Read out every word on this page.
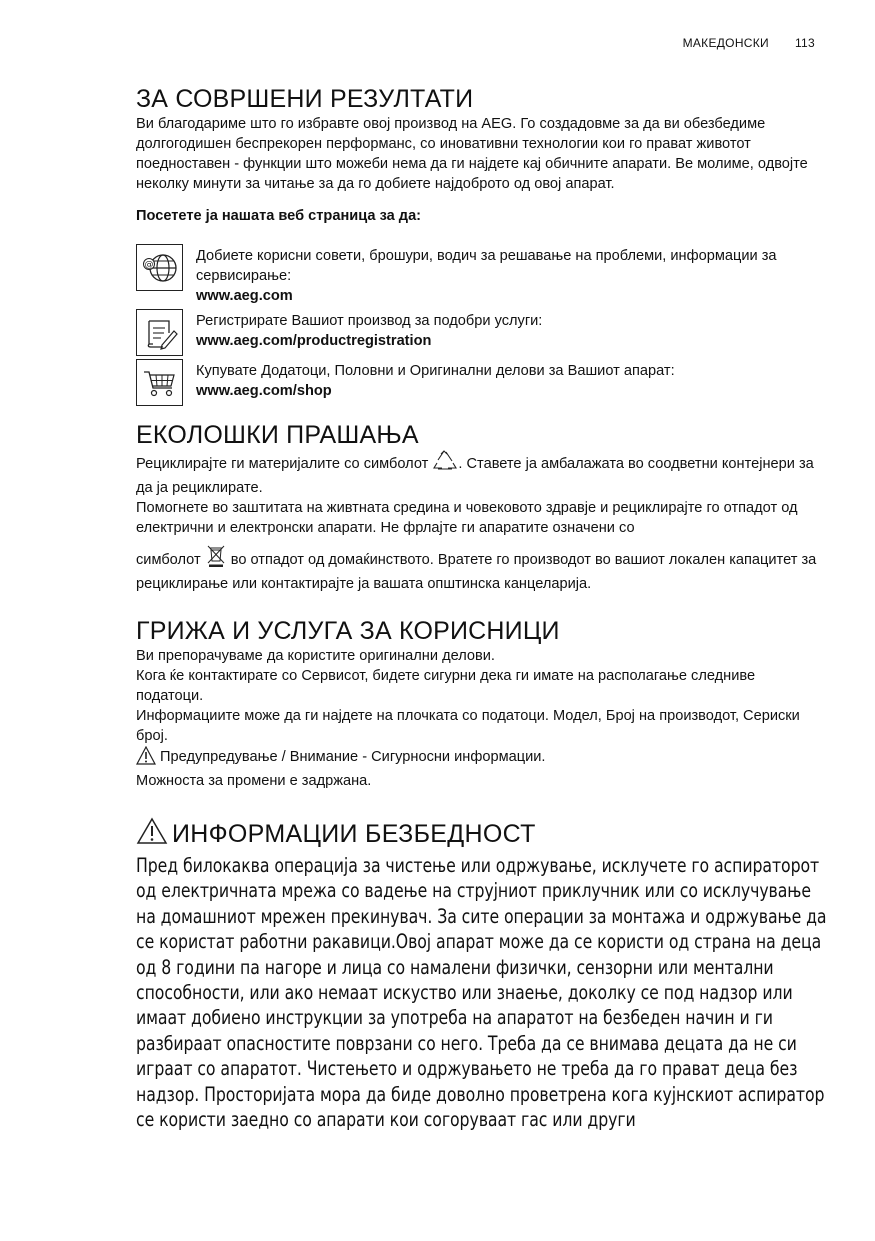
МАКЕДОНСКИ 113
ЗА СОВРШЕНИ РЕЗУЛТАТИ

Ви благодариме што го избравте овој производ на AEG. Го создадовме за да ви обезбедиме долгогодишен беспрекорен перформанс, со иновативни технологии кои го прават животот поедноставен - функции што можеби нема да ги најдете кај обичните апарати. Ве молиме, одвојте неколку минути за читање за да го добиете најдоброто од овој апарат.

Посетете ја нашата веб страница за да:

@

Добиете корисни совети, брошури, водич за решавање на проблеми, информации за сервисирање:

www.aeg.com

Регистрирате Вашиот производ за подобри услуги:

www.aeg.com/productregistration

Купувате Додатоци, Половни и Оригинални делови за Вашиот апарат:

www.aeg.com/shop

ЕКОЛОШКИ ПРАШАЊА

Рециклирајте ги материјалите со симболот . Ставете ја амбалажата во соодветни контејнери за да ја рециклирате.

Помогнете во заштитата на живтната средина и човековото здравје и рециклирајте го отпадот од електрични и електронски апарати. Не фрлајте ги апаратите означени со

симболот  во отпадот од домаќинството. Вратете го производот во вашиот локален капацитет за рециклирање или контактирајте ја вашата општинска канцеларија.

ГРИЖА И УСЛУГА ЗА КОРИСНИЦИ

Ви препорачуваме да користите оригинални делови.

Кога ќе контактирате со Сервисот, бидете сигурни дека ги имате на располагање следниве податоци.

Информациите може да ги најдете на плочката со податоци. Модел, Број на производот, Сериски број.

Предупредување / Внимание - Сигурносни информации.

Можноста за промени е задржана.

ИНФОРМАЦИИ БЕЗБЕДНОСТ

Пред билокаква операција за чистење или одржување, исклучете го аспираторот од електричната мрежа со вадење на струјниот приклучник или со исклучување на домашниот мрежен прекинувач. За сите операции за монтажа и одржување да се користат работни ракавици.Овој апарат може да се користи од страна на деца од 8 години па нагоре и лица со намалени физички, сензорни или ментални способности, или ако немаат искуство или знаење, доколку се под надзор или имаат добиено инструкции за употреба на апаратот на безбеден начин и ги разбираат опасностите поврзани со него. Треба да се внимава децата да не си играат со апаратот. Чистењето и одржувањето не треба да го прават деца без надзор. Просторијата мора да биде доволно проветрена кога кујнскиот аспиратор се користи заедно со апарати кои согоруваат гас или други
